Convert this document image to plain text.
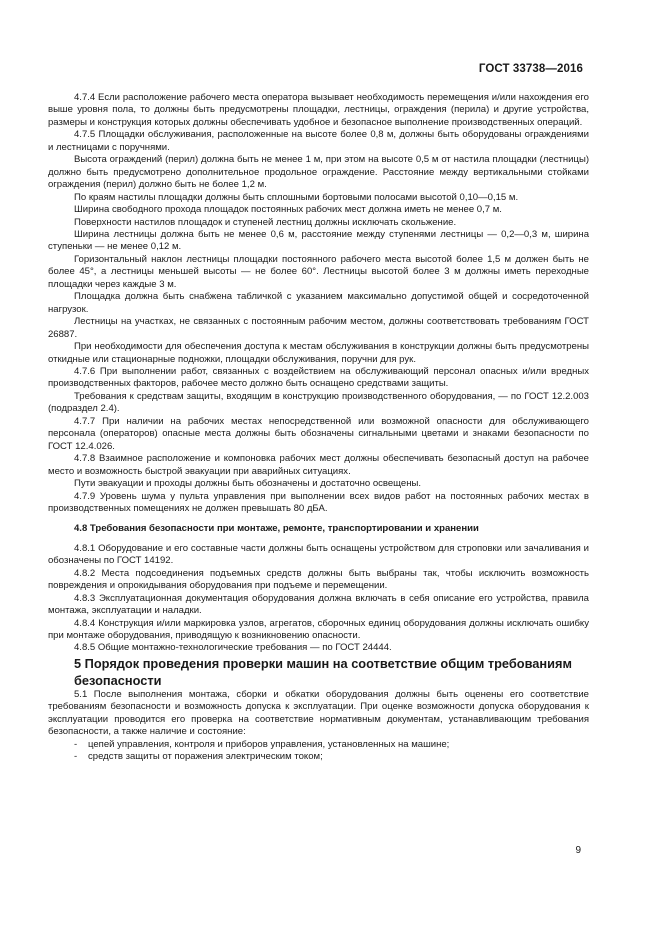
ГОСТ 33738—2016

4.7.4 Если расположение рабочего места оператора вызывает необходимость перемещения и/или нахождения его выше уровня пола, то должны быть предусмотрены площадки, лестницы, ограждения (перила) и другие устройства, размеры и конструкция которых должны обеспечивать удобное и безопасное выполнение производственных операций.

4.7.5 Площадки обслуживания, расположенные на высоте более 0,8 м, должны быть оборудованы ограждениями и лестницами с поручнями.

Высота ограждений (перил) должна быть не менее 1 м, при этом на высоте 0,5 м от настила площадки (лестницы) должно быть предусмотрено дополнительное продольное ограждение. Расстояние между вертикальными стойками ограждения (перил) должно быть не более 1,2 м.

По краям настилы площадки должны быть сплошными бортовыми полосами высотой 0,10—0,15 м.

Ширина свободного прохода площадок постоянных рабочих мест должна иметь не менее 0,7 м.

Поверхности настилов площадок и ступеней лестниц должны исключать скольжение.

Ширина лестницы должна быть не менее 0,6 м, расстояние между ступенями лестницы — 0,2—0,3 м, ширина ступеньки — не менее 0,12 м.

Горизонтальный наклон лестницы площадки постоянного рабочего места высотой более 1,5 м должен быть не более 45°, а лестницы меньшей высоты — не более 60°. Лестницы высотой более 3 м должны иметь переходные площадки через каждые 3 м.

Площадка должна быть снабжена табличкой с указанием максимально допустимой общей и сосредоточенной нагрузок.

Лестницы на участках, не связанных с постоянным рабочим местом, должны соответствовать требованиям ГОСТ 26887.

При необходимости для обеспечения доступа к местам обслуживания в конструкции должны быть предусмотрены откидные или стационарные подножки, площадки обслуживания, поручни для рук.

4.7.6 При выполнении работ, связанных с воздействием на обслуживающий персонал опасных и/или вредных производственных факторов, рабочее место должно быть оснащено средствами защиты.

Требования к средствам защиты, входящим в конструкцию производственного оборудования, — по ГОСТ 12.2.003 (подраздел 2.4).

4.7.7 При наличии на рабочих местах непосредственной или возможной опасности для обслуживающего персонала (операторов) опасные места должны быть обозначены сигнальными цветами и знаками безопасности по ГОСТ 12.4.026.

4.7.8 Взаимное расположение и компоновка рабочих мест должны обеспечивать безопасный доступ на рабочее место и возможность быстрой эвакуации при аварийных ситуациях.

Пути эвакуации и проходы должны быть обозначены и достаточно освещены.

4.7.9 Уровень шума у пульта управления при выполнении всех видов работ на постоянных рабочих местах в производственных помещениях не должен превышать 80 дБА.

4.8 Требования безопасности при монтаже, ремонте, транспортировании и хранении

4.8.1 Оборудование и его составные части должны быть оснащены устройством для строповки или зачаливания и обозначены по ГОСТ 14192.

4.8.2 Места подсоединения подъемных средств должны быть выбраны так, чтобы исключить возможность повреждения и опрокидывания оборудования при подъеме и перемещении.

4.8.3 Эксплуатационная документация оборудования должна включать в себя описание его устройства, правила монтажа, эксплуатации и наладки.

4.8.4 Конструкция и/или маркировка узлов, агрегатов, сборочных единиц оборудования должны исключать ошибку при монтаже оборудования, приводящую к возникновению опасности.

4.8.5 Общие монтажно-технологические требования — по ГОСТ 24444.

5 Порядок проведения проверки машин на соответствие общим требованиям безопасности

5.1 После выполнения монтажа, сборки и обкатки оборудования должны быть оценены его соответствие требованиям безопасности и возможность допуска к эксплуатации. При оценке возможности допуска оборудования к эксплуатации проводится его проверка на соответствие нормативным документам, устанавливающим требования безопасности, а также наличие и состояние:

- цепей управления, контроля и приборов управления, установленных на машине;

- средств защиты от поражения электрическим током;

9
